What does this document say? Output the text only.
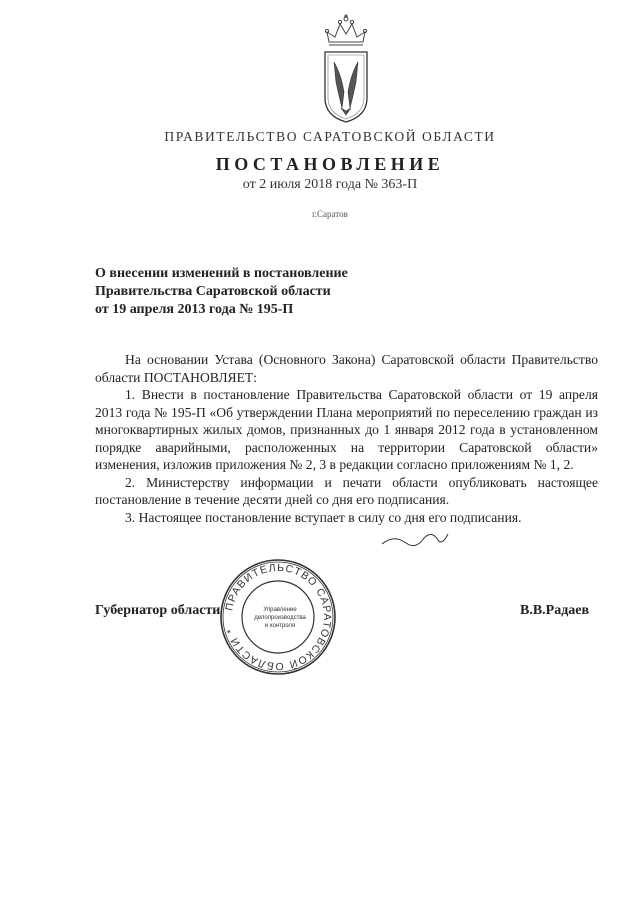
ПРАВИТЕЛЬСТВО САРАТОВСКОЙ ОБЛАСТИ
ПОСТАНОВЛЕНИЕ
от 2 июля 2018 года № 363-П
г.Саратов
О внесении изменений в постановление
Правительства Саратовской области
от 19 апреля 2013 года № 195-П

На основании Устава (Основного Закона) Саратовской области Правительство области ПОСТАНОВЛЯЕТ:

1. Внести в постановление Правительства Саратовской области от 19 апреля 2013 года № 195-П «Об утверждении Плана мероприятий по переселению граждан из многоквартирных жилых домов, признанных до 1 января 2012 года в установленном порядке аварийными, расположенных на территории Саратовской области» изменения, изложив приложения № 2, 3 в редакции согласно приложениям № 1, 2.

2. Министерству информации и печати области опубликовать настоящее постановление в течение десяти дней со дня его подписания.

3. Настоящее постановление вступает в силу со дня его подписания.

ПРАВИТЕЛЬСТВО САРАТОВСКОЙ ОБЛАСТИ *
Управление
делопроизводства
и контроля
Губернатор области	В.В.Радаев
